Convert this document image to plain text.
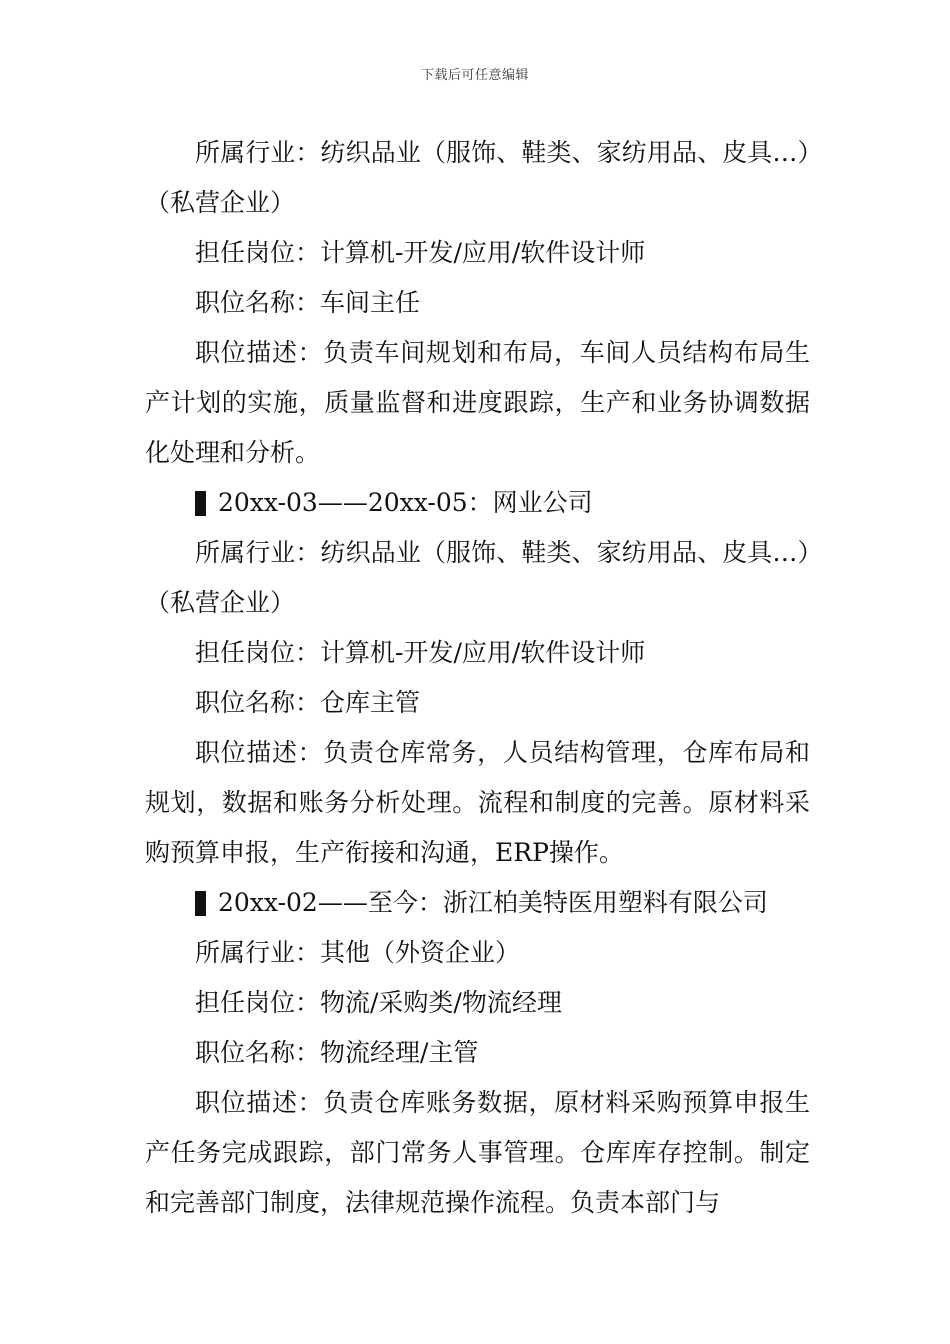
下载后可任意编辑

所属行业：纺织品业（服饰、鞋类、家纺用品、皮具…）（私营企业）

担任岗位：计算机-开发/应用/软件设计师

职位名称：车间主任

职位描述：负责车间规划和布局，车间人员结构布局生产计划的实施，质量监督和进度跟踪，生产和业务协调数据化处理和分析。

20xx-03——20xx-05：网业公司

所属行业：纺织品业（服饰、鞋类、家纺用品、皮具…）（私营企业）

担任岗位：计算机-开发/应用/软件设计师

职位名称：仓库主管

职位描述：负责仓库常务，人员结构管理，仓库布局和规划，数据和账务分析处理。流程和制度的完善。原材料采购预算申报，生产衔接和沟通，ERP操作。

20xx-02——至今：浙江柏美特医用塑料有限公司

所属行业：其他（外资企业）

担任岗位：物流/采购类/物流经理

职位名称：物流经理/主管

职位描述：负责仓库账务数据，原材料采购预算申报生产任务完成跟踪，部门常务人事管理。仓库库存控制。制定和完善部门制度，法律规范操作流程。负责本部门与
